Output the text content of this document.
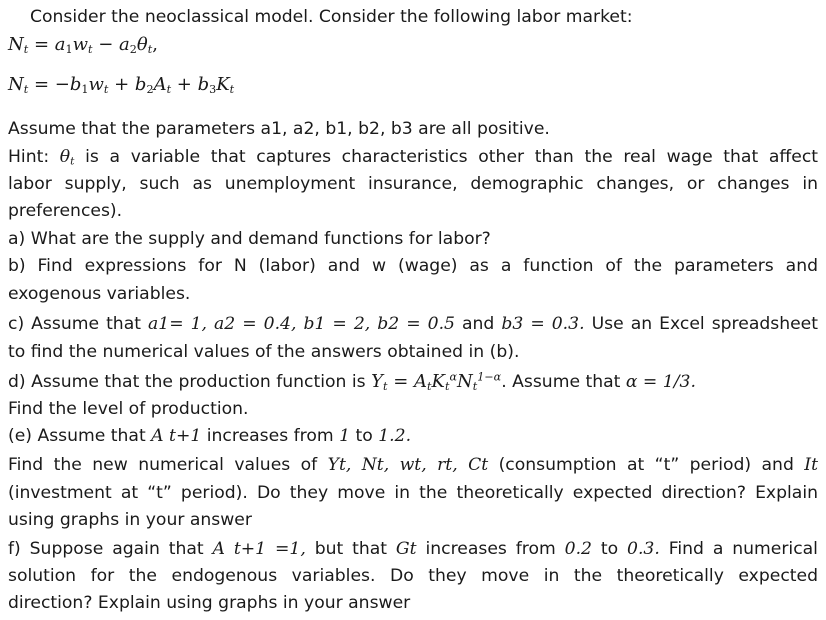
Consider the neoclassical model. Consider the following labor market:
$N_t = a_1w_t - a_2\theta_t$,
$N_t = -b_1w_t + b_2A_t + b_3K_t$
Assume that the parameters a1, a2, b1, b2, b3 are all positive.
Hint: $\theta_t$ is a variable that captures characteristics other than the real wage that affect
labor supply, such as unemployment insurance, demographic changes, or changes in
preferences).
a) What are the supply and demand functions for labor?
b) Find expressions for N (labor) and w (wage) as a function of the parameters and
exogenous variables.
c) Assume that a1= 1, a2 = 0.4, b1 = 2, b2 = 0.5 and b3 = 0.3. Use an Excel spreadsheet
to find the numerical values of the answers obtained in (b).
d) Assume that the production function is $Y_t = A_tK_t^\alpha N_t^{1-\alpha}$. Assume that α = 1/3.
Find the level of production.
(e) Assume that A t+1 increases from 1 to 1.2.
Find the new numerical values of Yt, Nt, wt, rt, Ct (consumption at “t” period) and It
(investment at “t” period). Do they move in the theoretically expected direction? Explain
using graphs in your answer
f) Suppose again that A t+1 =1, but that Gt increases from 0.2 to 0.3. Find a numerical
solution for the endogenous variables. Do they move in the theoretically expected
direction? Explain using graphs in your answer
